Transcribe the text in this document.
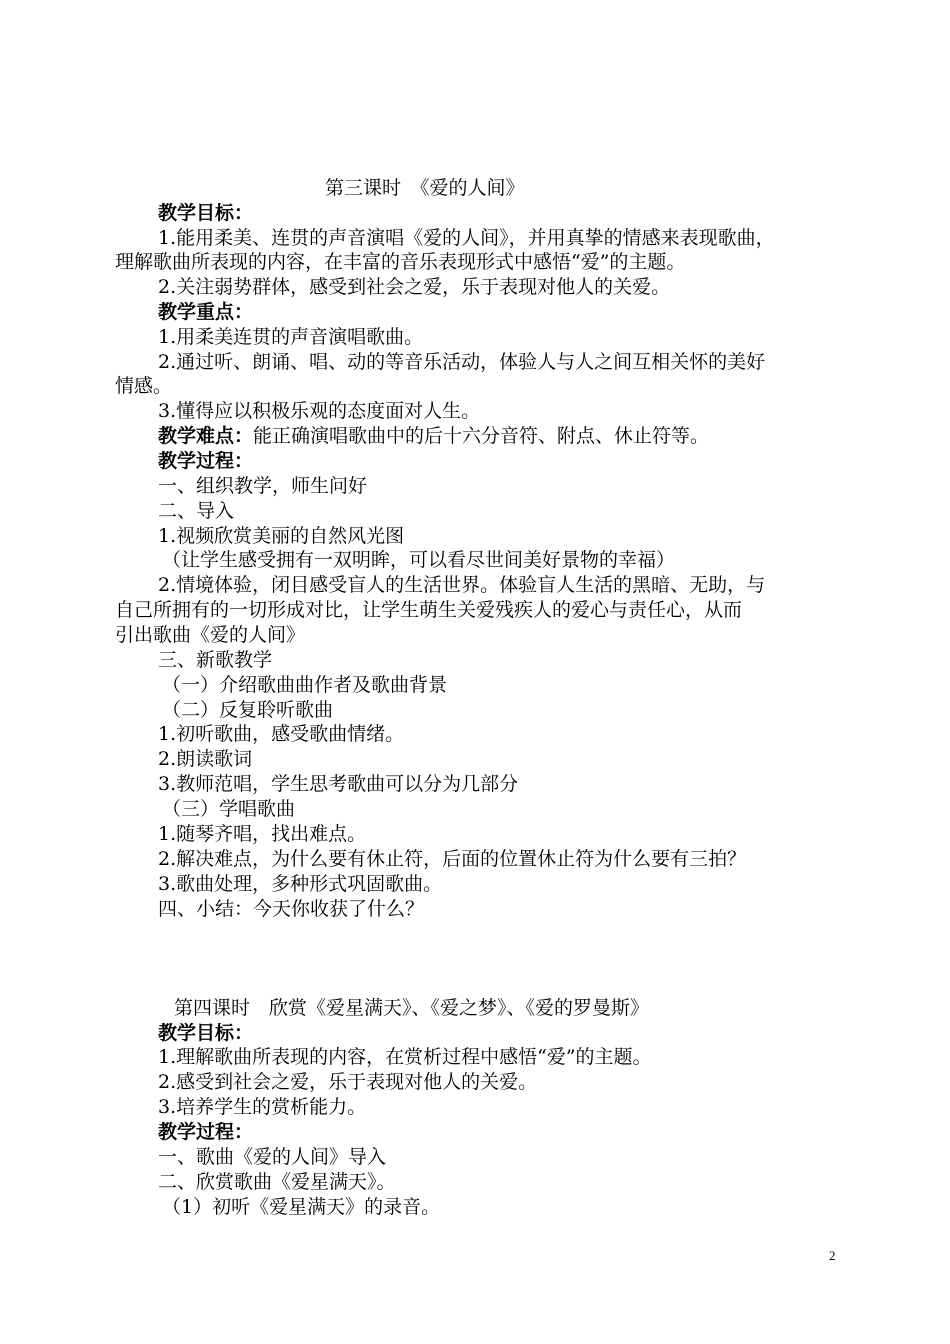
第三课时　《爱的人间》
教学目标：
1.能用柔美、连贯的声音演唱《爱的人间》，并用真挚的情感来表现歌曲，
理解歌曲所表现的内容，在丰富的音乐表现形式中感悟“爱”的主题。
2.关注弱势群体，感受到社会之爱，乐于表现对他人的关爱。
教学重点：
1.用柔美连贯的声音演唱歌曲。
2.通过听、朗诵、唱、动的等音乐活动，体验人与人之间互相关怀的美好
情感。
3.懂得应以积极乐观的态度面对人生。
教学难点：能正确演唱歌曲中的后十六分音符、附点、休止符等。
教学过程：
一、组织教学，师生问好
二、导入
1.视频欣赏美丽的自然风光图
（让学生感受拥有一双明眸，可以看尽世间美好景物的幸福）
2.情境体验，闭目感受盲人的生活世界。体验盲人生活的黑暗、无助，与
自己所拥有的一切形成对比，让学生萌生关爱残疾人的爱心与责任心，从而
引出歌曲《爱的人间》
三、新歌教学
（一）介绍歌曲曲作者及歌曲背景
（二）反复聆听歌曲
1.初听歌曲，感受歌曲情绪。
2.朗读歌词
3.教师范唱，学生思考歌曲可以分为几部分
（三）学唱歌曲
1.随琴齐唱，找出难点。
2.解决难点，为什么要有休止符，后面的位置休止符为什么要有三拍？
3.歌曲处理，多种形式巩固歌曲。
四、小结：今天你收获了什么？
第四课时　欣赏《爱星满天》、《爱之梦》、《爱的罗曼斯》
教学目标：
1.理解歌曲所表现的内容，在赏析过程中感悟“爱”的主题。
2.感受到社会之爱，乐于表现对他人的关爱。
3.培养学生的赏析能力。
教学过程：
一、歌曲《爱的人间》导入
二、欣赏歌曲《爱星满天》。
（1）初听《爱星满天》的录音。
2
